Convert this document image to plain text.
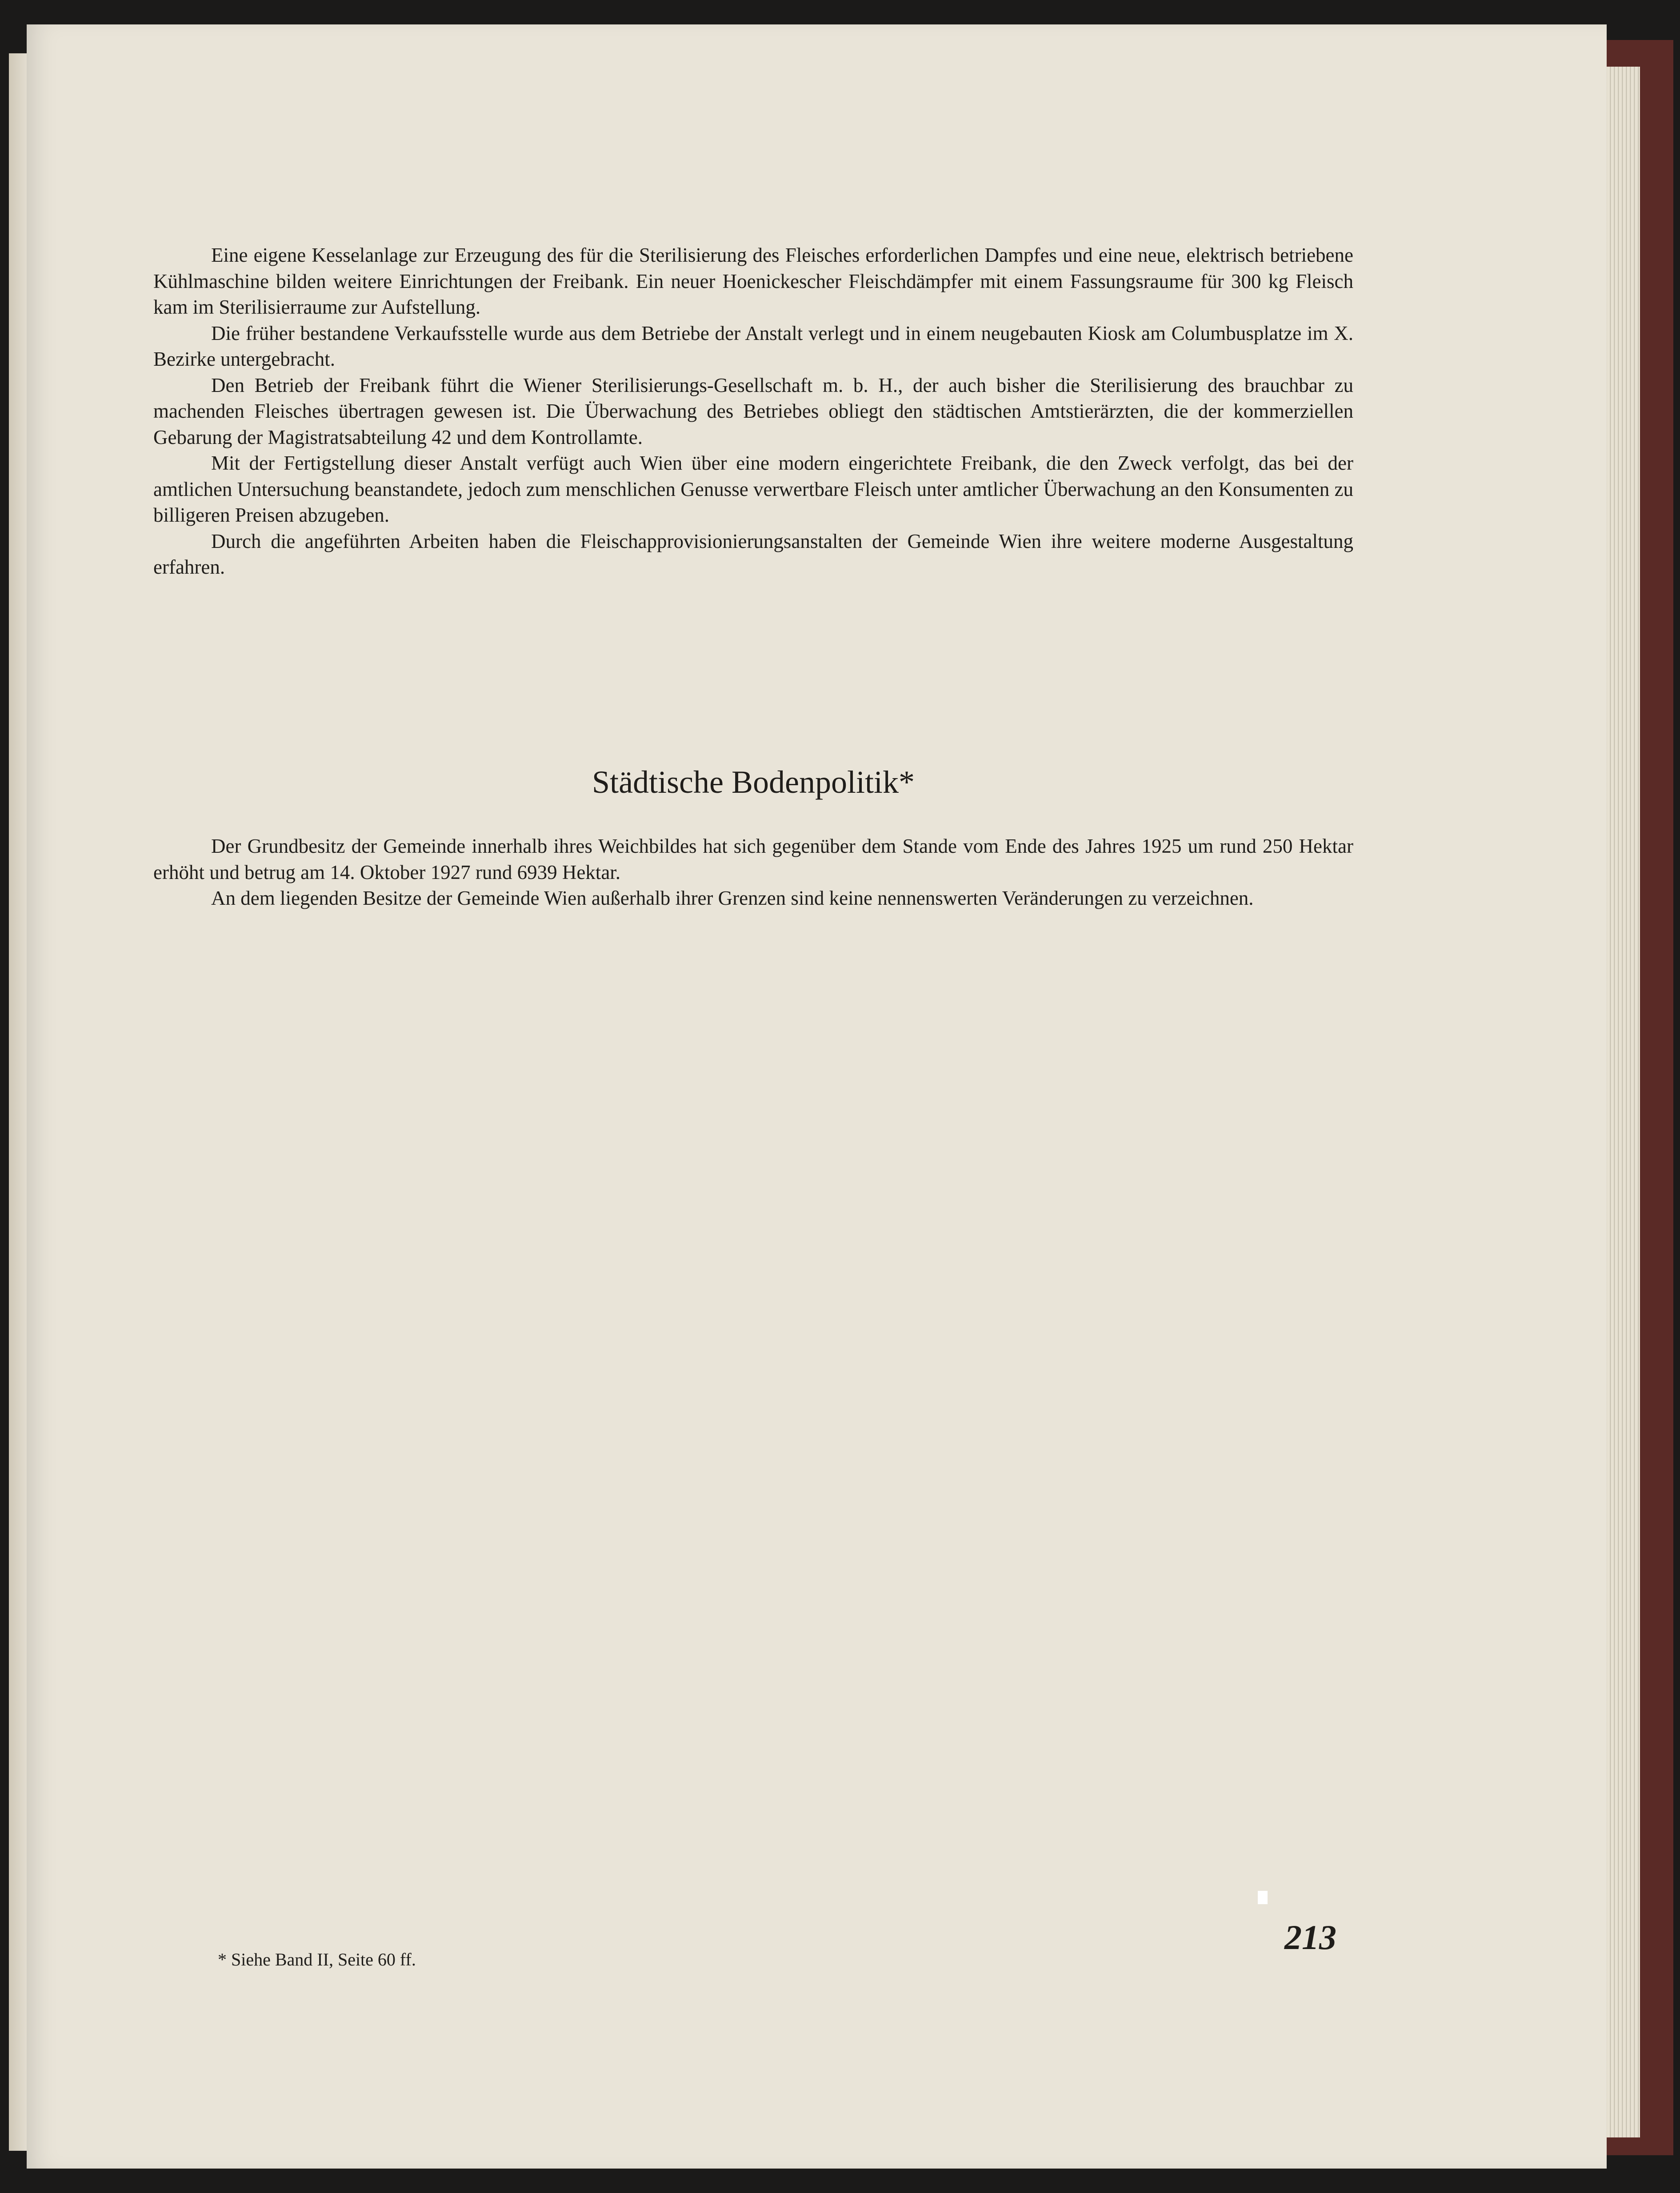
Eine eigene Kesselanlage zur Erzeugung des für die Sterilisierung des Fleisches erforderlichen Dampfes und eine neue, elektrisch betriebene Kühlmaschine bilden weitere Einrichtungen der Freibank. Ein neuer Hoenickescher Fleischdämpfer mit einem Fassungsraume für 300 kg Fleisch kam im Sterilisierraume zur Aufstellung.

Die früher bestandene Verkaufsstelle wurde aus dem Betriebe der Anstalt verlegt und in einem neugebauten Kiosk am Columbusplatze im X. Bezirke untergebracht.

Den Betrieb der Freibank führt die Wiener Sterilisierungs-Gesellschaft m. b. H., der auch bisher die Sterilisierung des brauchbar zu machenden Fleisches übertragen gewesen ist. Die Überwachung des Betriebes obliegt den städtischen Amtstierärzten, die der kommerziellen Gebarung der Magistratsabteilung 42 und dem Kontrollamte.

Mit der Fertigstellung dieser Anstalt verfügt auch Wien über eine modern eingerichtete Freibank, die den Zweck verfolgt, das bei der amtlichen Untersuchung beanstandete, jedoch zum menschlichen Genusse verwertbare Fleisch unter amtlicher Überwachung an den Konsumenten zu billigeren Preisen abzugeben.

Durch die angeführten Arbeiten haben die Fleischapprovisionierungsanstalten der Gemeinde Wien ihre weitere moderne Ausgestaltung erfahren.

Städtische Bodenpolitik*

Der Grundbesitz der Gemeinde innerhalb ihres Weichbildes hat sich gegenüber dem Stande vom Ende des Jahres 1925 um rund 250 Hektar erhöht und betrug am 14. Oktober 1927 rund 6939 Hektar.

An dem liegenden Besitze der Gemeinde Wien außerhalb ihrer Grenzen sind keine nennenswerten Veränderungen zu verzeichnen.

* Siehe Band II, Seite 60 ff.
213
